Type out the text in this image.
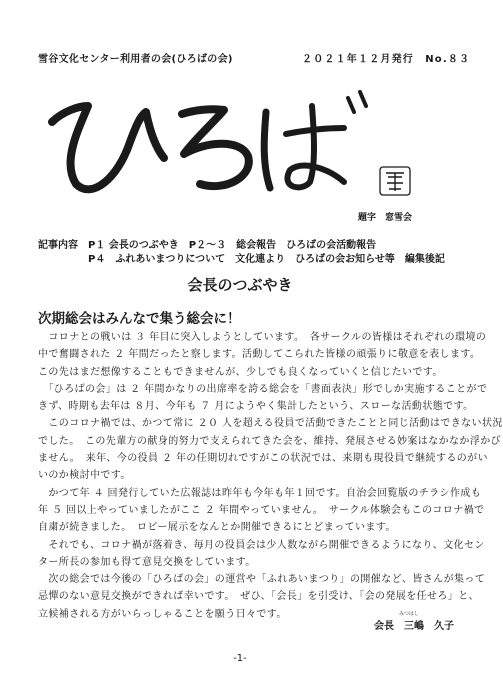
雪谷文化センター利用者の会(ひろばの会)	２０２１年１２月発行　No.８３
題字　窓雪会
記事内容　P１ 会長のつぶやき　P２～３　総会報告　ひろばの会活動報告
　　　　　P４　ふれあいまつりについて　文化連より　ひろばの会お知らせ等　編集後記
会長のつぶやき
次期総会はみんなで集う総会に！
　コロナとの戦いは ３ 年目に突入しようとしています。　各サークルの皆様はそれぞれの環境の
中で奮闘された ２ 年間だったと察します。活動してこられた皆様の頑張りに敬意を表します。
この先はまだ想像することもできませんが、少しでも良くなっていくと信じたいです。
　「ひろばの会」は ２ 年間かなりの出席率を誇る総会を「書面表決」形でしか実施することがで
きず、時期も去年は ８月、今年も ７ 月にようやく集計したという、スローな活動状態です。
　このコロナ禍では、かつて常に ２０ 人を超える役員で活動できたことと同じ活動はできない状況
でした。　この先輩方の献身的努力で支えられてきた会を、維持、発展させる妙案はなかなか浮かび
ません。　来年、今の役員 ２ 年の任期切れですがこの状況では、来期も現役員で継続するのがい
いのか検討中です。
　かつて年 ４ 回発行していた広報誌は昨年も今年も年１回です。自治会回覧版のチラシ作成も
年 ５ 回以上やっていましたがここ ２ 年間やっていません。　サークル体験会もこのコロナ禍で
自粛が続きました。　ロビー展示をなんとか開催できるにとどまっています。
　それでも、コロナ禍が落着き、毎月の役員会は少人数ながら開催できるようになり、文化セン
ター所長の参加も得て意見交換をしています。
　次の総会では今後の「ひろばの会」の運営や「ふれあいまつり」の開催など、皆さんが集って
忌憚のない意見交換ができれば幸いです。　ぜひ、「会長」を引受け、「会の発展を任せろ」と、
立候補される方がいらっしゃることを願う日々です。	みつはし
会長　三嶋　久子
-1-
